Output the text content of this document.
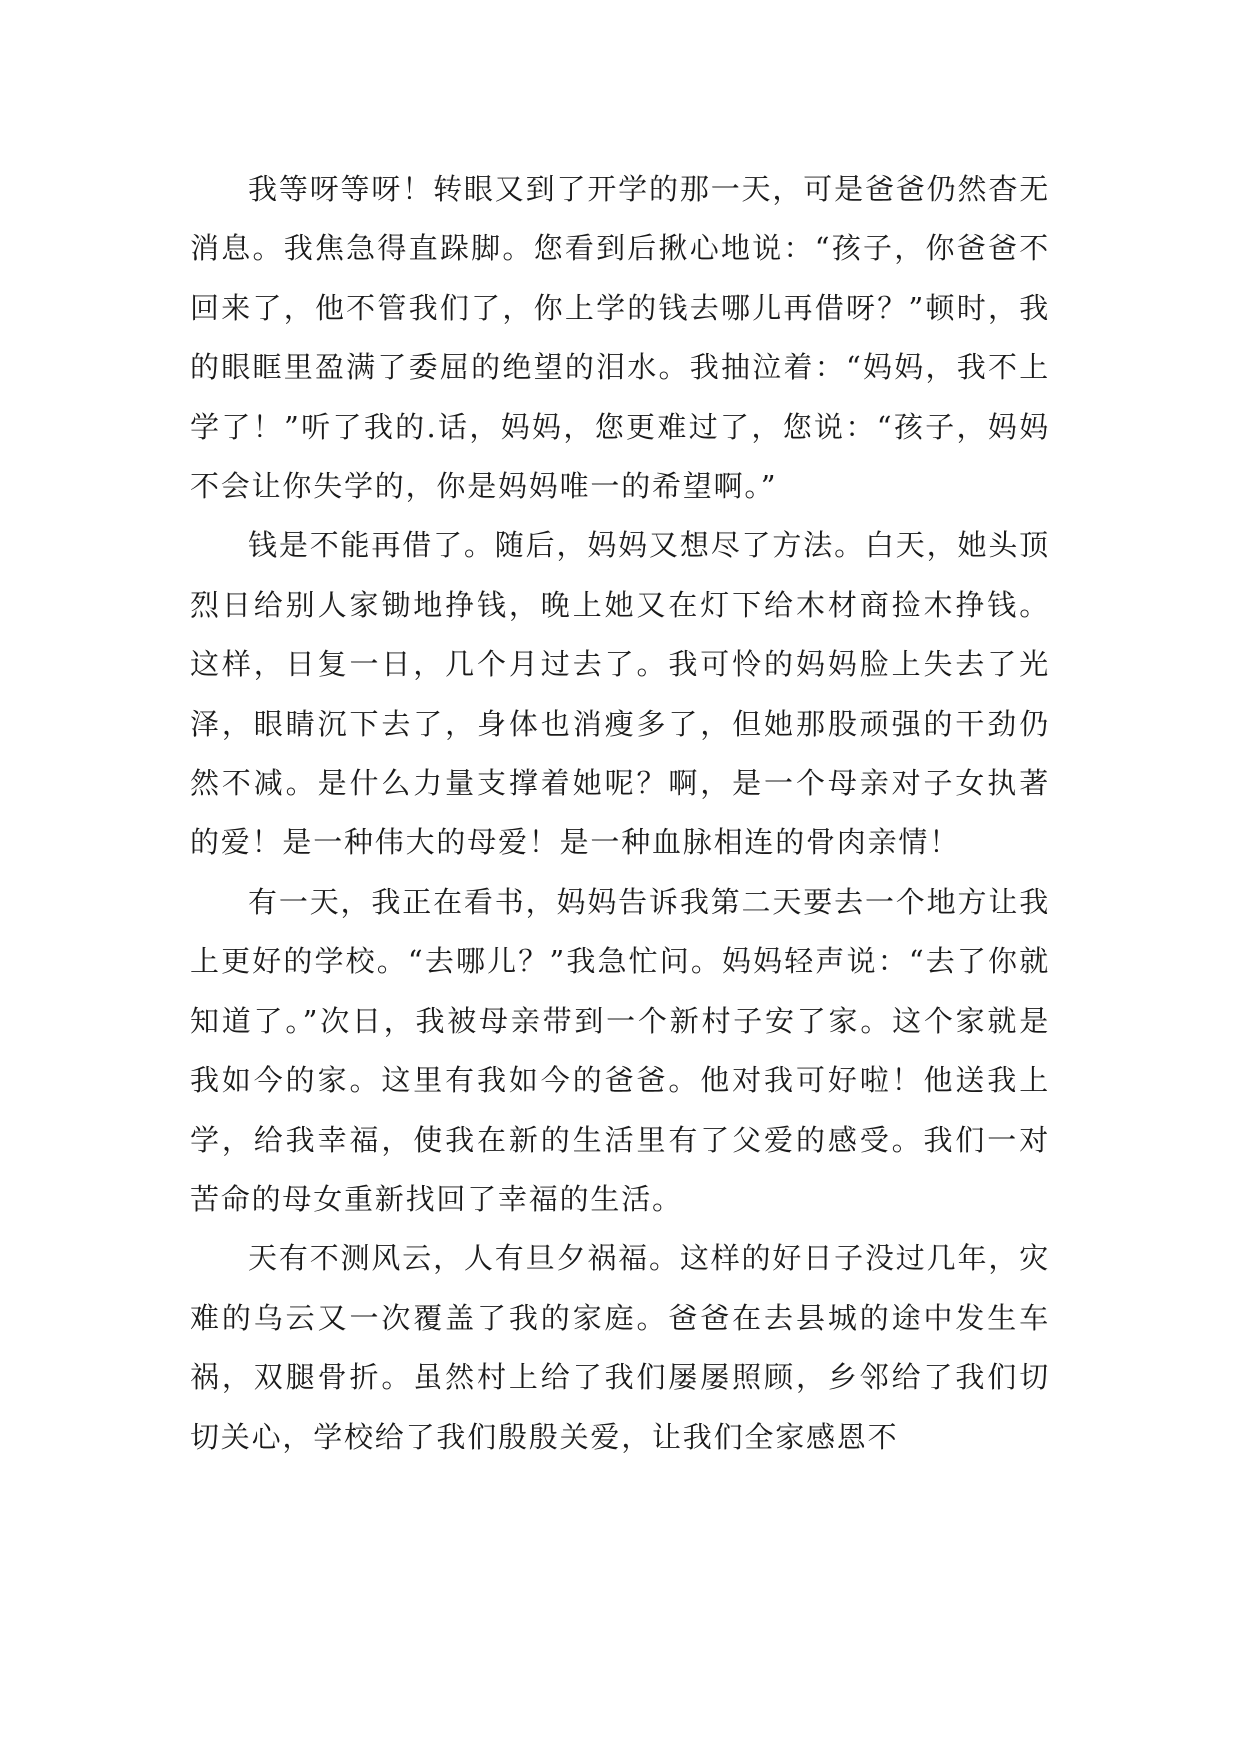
我等呀等呀！转眼又到了开学的那一天，可是爸爸仍然杳无消息。我焦急得直跺脚。您看到后揪心地说：“孩子，你爸爸不回来了，他不管我们了，你上学的钱去哪儿再借呀？”顿时，我的眼眶里盈满了委屈的绝望的泪水。我抽泣着：“妈妈，我不上学了！”听了我的.话，妈妈，您更难过了，您说：“孩子，妈妈不会让你失学的，你是妈妈唯一的希望啊。”

钱是不能再借了。随后，妈妈又想尽了方法。白天，她头顶烈日给别人家锄地挣钱，晚上她又在灯下给木材商捡木挣钱。这样，日复一日，几个月过去了。我可怜的妈妈脸上失去了光泽，眼睛沉下去了，身体也消瘦多了，但她那股顽强的干劲仍然不减。是什么力量支撑着她呢？啊，是一个母亲对子女执著的爱！是一种伟大的母爱！是一种血脉相连的骨肉亲情！

有一天，我正在看书，妈妈告诉我第二天要去一个地方让我上更好的学校。“去哪儿？”我急忙问。妈妈轻声说：“去了你就知道了。”次日，我被母亲带到一个新村子安了家。这个家就是我如今的家。这里有我如今的爸爸。他对我可好啦！他送我上学，给我幸福，使我在新的生活里有了父爱的感受。我们一对苦命的母女重新找回了幸福的生活。

天有不测风云，人有旦夕祸福。这样的好日子没过几年，灾难的乌云又一次覆盖了我的家庭。爸爸在去县城的途中发生车祸，双腿骨折。虽然村上给了我们屡屡照顾，乡邻给了我们切切关心，学校给了我们殷殷关爱，让我们全家感恩不
